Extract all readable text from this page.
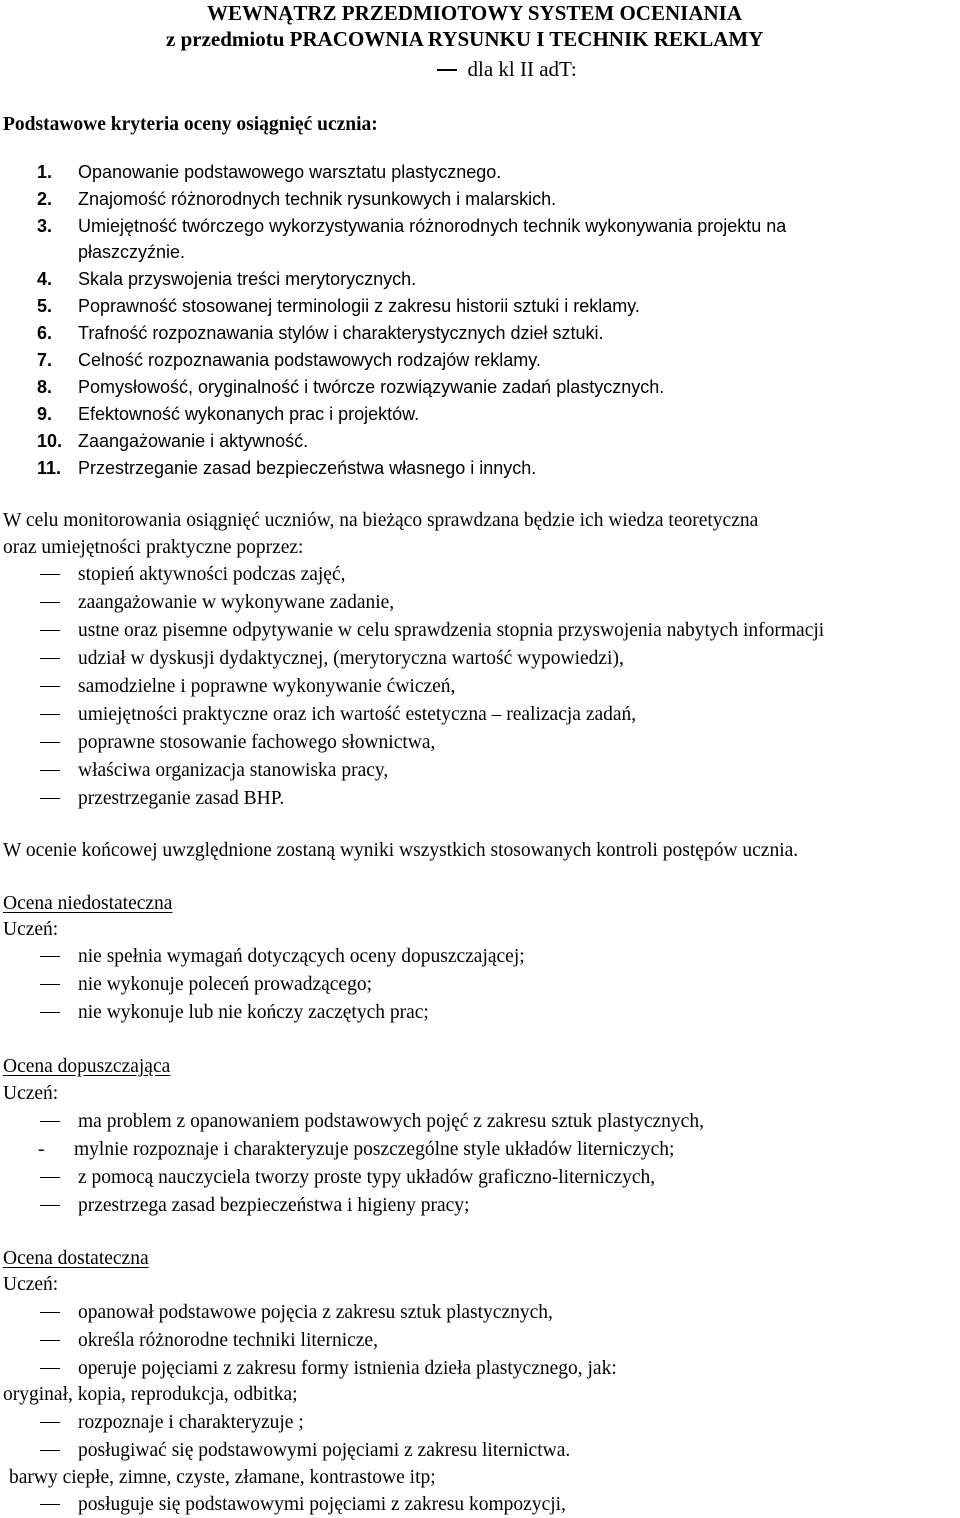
WEWNĄTRZ PRZEDMIOTOWY SYSTEM OCENIANIA
z przedmiotu PRACOWNIA RYSUNKU I TECHNIK REKLAMY
dla kl II adT:
Podstawowe kryteria oceny osiągnięć ucznia:
1. Opanowanie podstawowego warsztatu plastycznego.
2. Znajomość różnorodnych technik rysunkowych i malarskich.
3. Umiejętność twórczego wykorzystywania różnorodnych technik wykonywania projektu na
płaszczyźnie.
4. Skala przyswojenia treści merytorycznych.
5. Poprawność stosowanej terminologii z zakresu historii sztuki i reklamy.
6. Trafność rozpoznawania stylów i charakterystycznych dzieł sztuki.
7. Celność rozpoznawania podstawowych rodzajów reklamy.
8. Pomysłowość, oryginalność i twórcze rozwiązywanie zadań plastycznych.
9. Efektowność wykonanych prac i projektów.
10. Zaangażowanie i aktywność.
11. Przestrzeganie zasad bezpieczeństwa własnego i innych.
W celu monitorowania osiągnięć uczniów, na bieżąco sprawdzana będzie ich wiedza teoretyczna
oraz umiejętności praktyczne poprzez:
stopień aktywności podczas zajęć,
zaangażowanie w wykonywane zadanie,
ustne oraz pisemne odpytywanie w celu sprawdzenia stopnia przyswojenia nabytych informacji
udział w dyskusji dydaktycznej, (merytoryczna wartość wypowiedzi),
samodzielne i poprawne wykonywanie ćwiczeń,
umiejętności praktyczne oraz ich wartość estetyczna – realizacja zadań,
poprawne stosowanie fachowego słownictwa,
właściwa organizacja stanowiska pracy,
przestrzeganie zasad BHP.
W ocenie końcowej uwzględnione zostaną wyniki wszystkich stosowanych kontroli postępów ucznia.
Ocena niedostateczna
Uczeń:
nie spełnia wymagań dotyczących oceny dopuszczającej;
nie wykonuje poleceń prowadzącego;
nie wykonuje lub nie kończy zaczętych prac;
Ocena dopuszczająca
Uczeń:
ma problem z opanowaniem podstawowych pojęć z zakresu sztuk plastycznych,
- mylnie rozpoznaje i charakteryzuje poszczególne style układów literniczych;
z pomocą nauczyciela tworzy proste typy układów graficzno-literniczych,
przestrzega zasad bezpieczeństwa i higieny pracy;
Ocena dostateczna
Uczeń:
opanował podstawowe pojęcia z zakresu sztuk plastycznych,
określa różnorodne techniki liternicze,
operuje pojęciami z zakresu formy istnienia dzieła plastycznego, jak:
oryginał, kopia, reprodukcja, odbitka;
rozpoznaje i charakteryzuje ;
posługiwać się podstawowymi pojęciami z zakresu liternictwa.
barwy ciepłe, zimne, czyste, złamane, kontrastowe itp;
posługuje się podstawowymi pojęciami z zakresu kompozycji,
